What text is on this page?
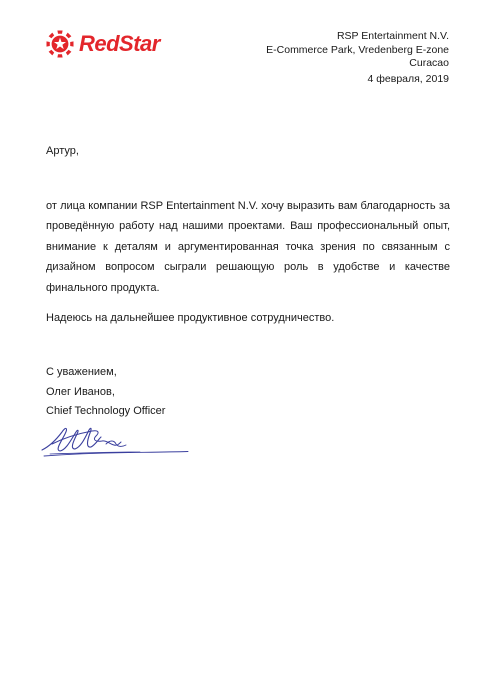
RedStar	RSP Entertainment N.V.
E-Commerce Park, Vredenberg E-zone
Curacao
4 февраля, 2019
Артур,
от лица компании RSP Entertainment N.V. хочу выразить вам благодарность за проведённую работу над нашими проектами. Ваш профессиональный опыт, внимание к деталям и аргументированная точка зрения по связанным с дизайном вопросом сыграли решающую роль в удобстве и качестве финального продукта.
Надеюсь на дальнейшее продуктивное сотрудничество.
С уважением,
Олег Иванов,
Chief Technology Officer
